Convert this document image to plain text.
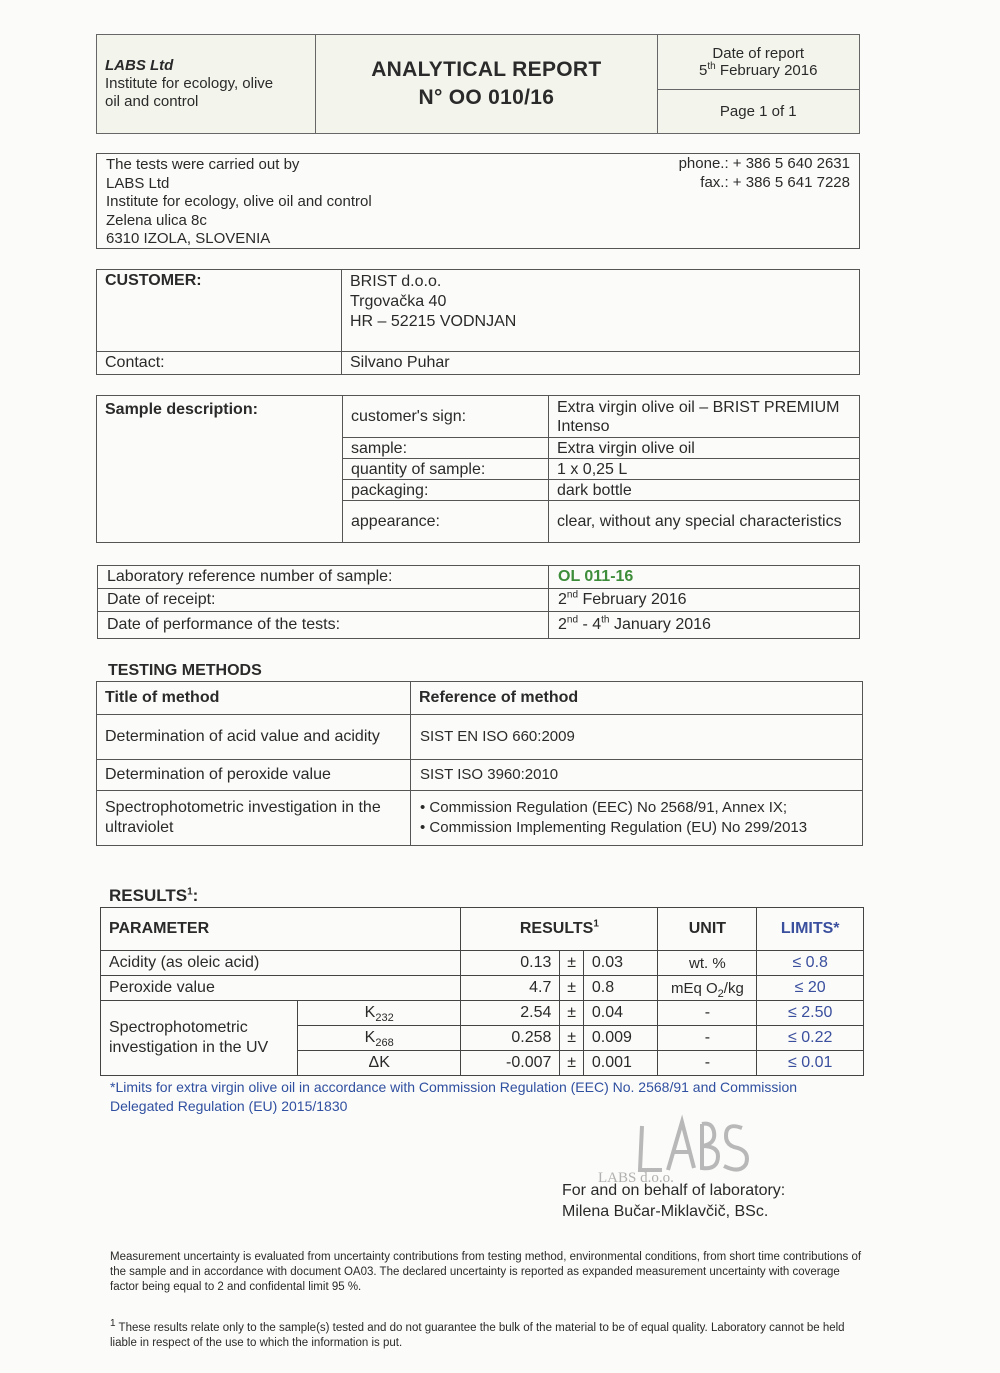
LABS Ltd
Institute for ecology, olive
oil and control

ANALYTICAL REPORT
N° OO 010/16

Date of report
5th February 2016

Page 1 of 1
The tests were carried out by
LABS Ltd
Institute for ecology, olive oil and control
Zelena ulica 8c
6310 IZOLA, SLOVENIA
phone.: + 386 5 640 2631
fax.: + 386 5 641 7228
CUSTOMER:	BRIST d.o.o.
Trgovačka 40
HR – 52215 VODNJAN

Contact:	Silvano Puhar
Sample description:	customer's sign:	Extra virgin olive oil – BRIST PREMIUM Intenso
	sample:	Extra virgin olive oil
	quantity of sample:	1 x 0,25 L
	packaging:	dark bottle
	appearance:	clear, without any special characteristics
Laboratory reference number of sample:	OL 011-16
Date of receipt:	2nd February 2016
Date of performance of the tests:	2nd - 4th January 2016
TESTING METHODS
Title of method	Reference of method
Determination of acid value and acidity	SIST EN ISO 660:2009
Determination of peroxide value	SIST ISO 3960:2010
Spectrophotometric investigation in the ultraviolet	• Commission Regulation (EEC) No 2568/91, Annex IX;
• Commission Implementing Regulation (EU) No 299/2013
RESULTS$^1$:
PARAMETER		RESULTS$^1$			UNIT	LIMITS*
Acidity (as oleic acid)		0.13	±	0.03	wt. %	≤ 0.8
Peroxide value		4.7	±	0.8	mEq $O_2/kg$	≤ 20
Spectrophotometric investigation in the UV	$K_{232}$	2.54	±	0.04	-	≤ 2.50
	$K_{268}$	0.258	±	0.009	-	≤ 0.22
	ΔK	-0.007	±	0.001	-	≤ 0.01
*Limits for extra virgin olive oil in accordance with Commission Regulation (EEC) No. 2568/91 and Commission Delegated Regulation (EU) 2015/1830
LABS d.o.o.
For and on behalf of laboratory:
Milena Bučar-Miklavčič, BSc.
Measurement uncertainty is evaluated from uncertainty contributions from testing method, environmental conditions, from short time contributions of the sample and in accordance with document OA03. The declared uncertainty is reported as expanded measurement uncertainty with coverage factor being equal to 2 and confidental limit 95 %.
$^1$ These results relate only to the sample(s) tested and do not guarantee the bulk of the material to be of equal quality. Laboratory cannot be held liable in respect of the use to which the information is put.
